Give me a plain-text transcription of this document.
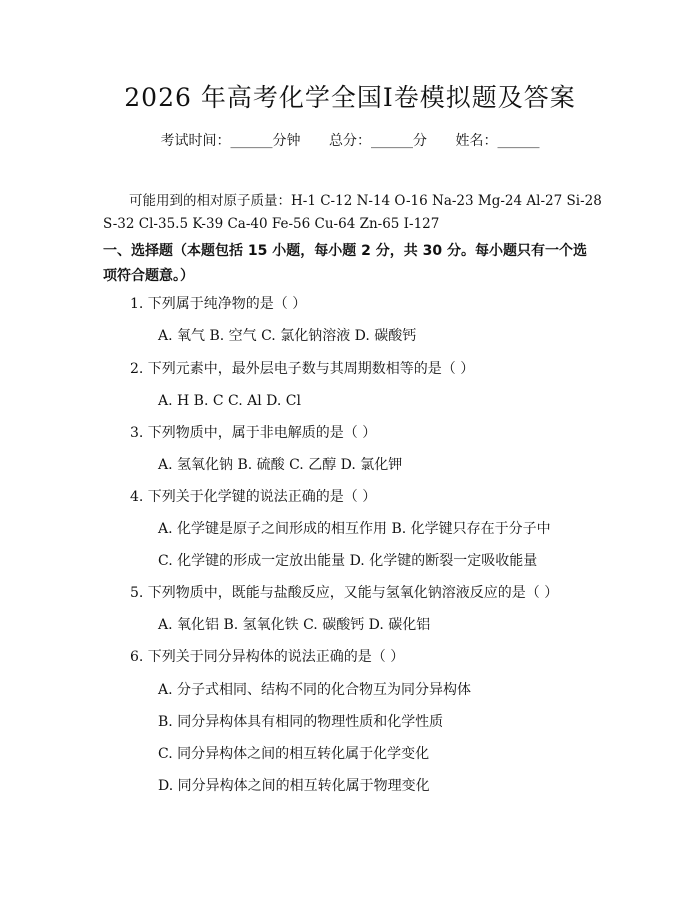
2026 年高考化学全国Ⅰ卷模拟题及答案
考试时间：______分钟 总分：______分 姓名：______
可能用到的相对原子质量：H-1 C-12 N-14 O-16 Na-23 Mg-24 Al-27 Si-28 S-32 Cl-35.5 K-39 Ca-40 Fe-56 Cu-64 Zn-65 I-127
一、选择题（本题包括 15 小题，每小题 2 分，共 30 分。每小题只有一个选项符合题意。）
1. 下列属于纯净物的是（ ）
A. 氧气 B. 空气 C. 氯化钠溶液 D. 碳酸钙
2. 下列元素中，最外层电子数与其周期数相等的是（ ）
A. H B. C C. Al D. Cl
3. 下列物质中，属于非电解质的是（ ）
A. 氢氧化钠 B. 硫酸 C. 乙醇 D. 氯化钾
4. 下列关于化学键的说法正确的是（ ）
A. 化学键是原子之间形成的相互作用 B. 化学键只存在于分子中
C. 化学键的形成一定放出能量 D. 化学键的断裂一定吸收能量
5. 下列物质中，既能与盐酸反应，又能与氢氧化钠溶液反应的是（ ）
A. 氧化铝 B. 氢氧化铁 C. 碳酸钙 D. 碳化铝
6. 下列关于同分异构体的说法正确的是（ ）
A. 分子式相同、结构不同的化合物互为同分异构体
B. 同分异构体具有相同的物理性质和化学性质
C. 同分异构体之间的相互转化属于化学变化
D. 同分异构体之间的相互转化属于物理变化
